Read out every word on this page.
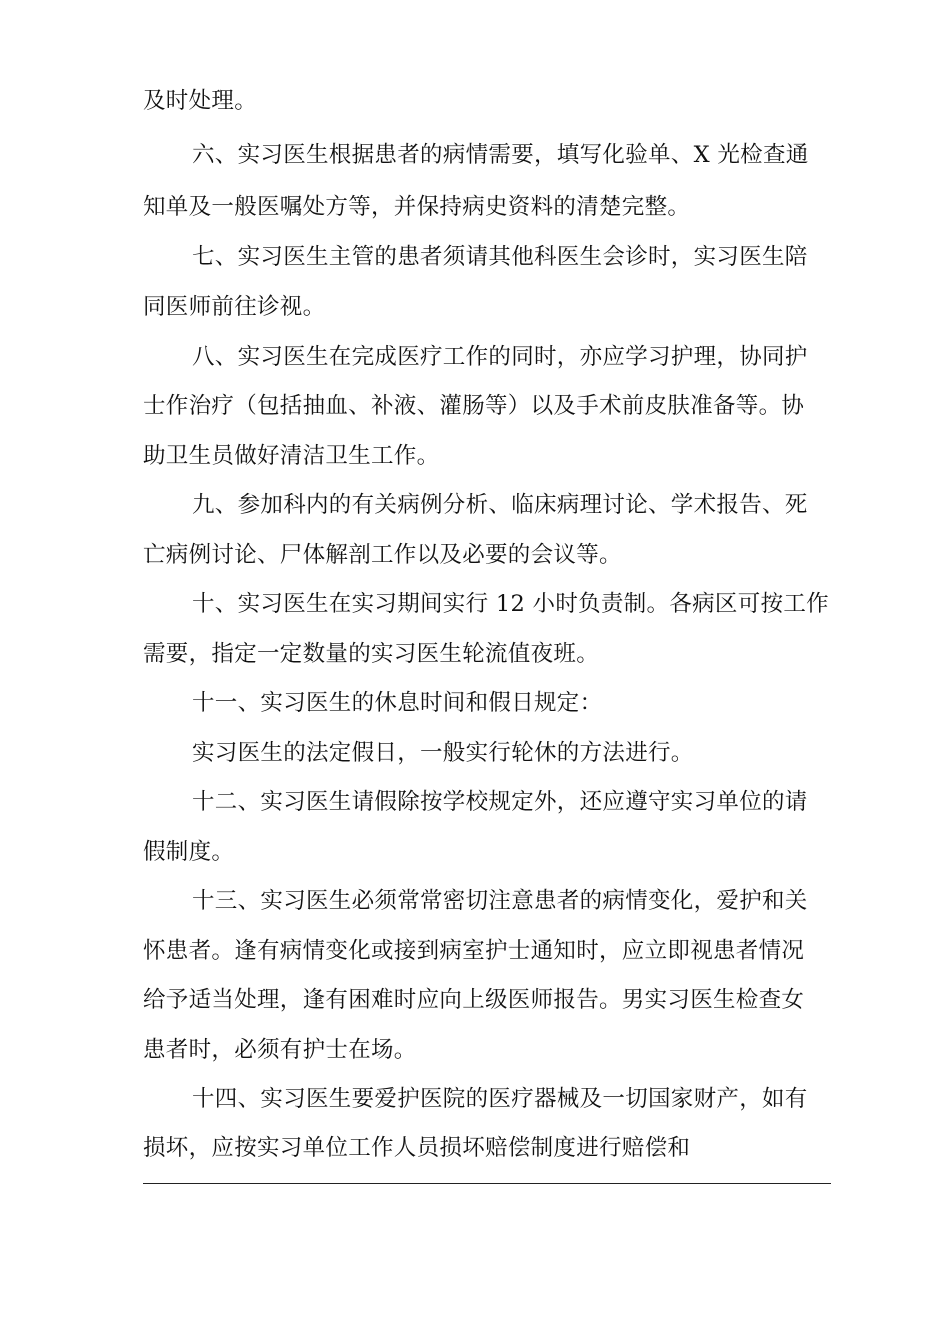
及时处理。
六、实习医生根据患者的病情需要，填写化验单、X 光检查通
知单及一般医嘱处方等，并保持病史资料的清楚完整。
七、实习医生主管的患者须请其他科医生会诊时，实习医生陪
同医师前往诊视。
八、实习医生在完成医疗工作的同时，亦应学习护理，协同护
士作治疗（包括抽血、补液、灌肠等）以及手术前皮肤准备等。协
助卫生员做好清洁卫生工作。
九、参加科内的有关病例分析、临床病理讨论、学术报告、死
亡病例讨论、尸体解剖工作以及必要的会议等。
十、实习医生在实习期间实行 12 小时负责制。各病区可按工作
需要，指定一定数量的实习医生轮流值夜班。
十一、实习医生的休息时间和假日规定：
实习医生的法定假日，一般实行轮休的方法进行。
十二、实习医生请假除按学校规定外，还应遵守实习单位的请
假制度。
十三、实习医生必须常常密切注意患者的病情变化，爱护和关
怀患者。逢有病情变化或接到病室护士通知时，应立即视患者情况
给予适当处理，逢有困难时应向上级医师报告。男实习医生检查女
患者时，必须有护士在场。
十四、实习医生要爱护医院的医疗器械及一切国家财产，如有
损坏，应按实习单位工作人员损坏赔偿制度进行赔偿和
